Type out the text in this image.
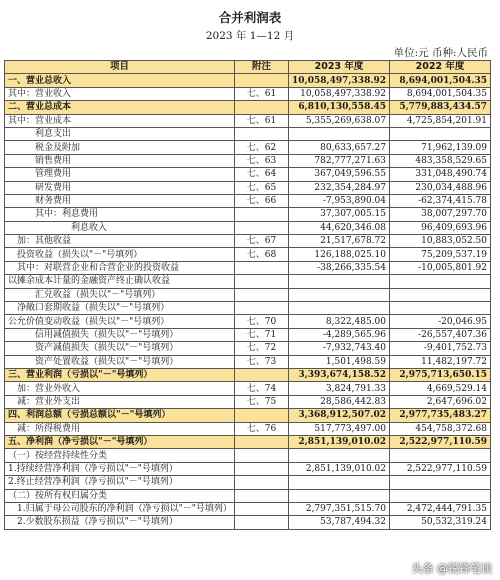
合并利润表
2023 年 1—12 月
单位:元 币种:人民币
项目	附注	2023 年度	2022 年度
一、营业总收入		10,058,497,338.92	8,694,001,504.35
其中：营业收入	七、61	10,058,497,338.92	8,694,001,504.35
二、营业总成本		6,810,130,558.45	5,779,883,434.57
其中：营业成本	七、61	5,355,269,638.07	4,725,854,201.91
利息支出			
税金及附加	七、62	80,633,657.27	71,962,139.09
销售费用	七、63	782,777,271.63	483,358,529.65
管理费用	七、64	367,049,596.55	331,048,490.74
研发费用	七、65	232,354,284.97	230,034,488.96
财务费用	七、66	-7,953,890.04	-62,374,415.78
其中：利息费用		37,307,005.15	38,007,297.70
利息收入		44,620,346.08	96,409,693.96
加：其他收益	七、67	21,517,678.72	10,883,052.50
投资收益（损失以"－"号填列）	七、68	126,188,025.10	75,209,537.19
其中：对联营企业和合营企业的投资收益		-38,266,335.54	-10,005,801.92
以摊余成本计量的金融资产终止确认收益			
汇兑收益（损失以"－"号填列）			
净敞口套期收益（损失以"－"号填列）			
公允价值变动收益（损失以"－"号填列）	七、70	8,322,485.00	-20,046.95
信用减值损失（损失以"－"号填列）	七、71	-4,289,565.96	-26,557,407.36
资产减值损失（损失以"－"号填列）	七、72	-7,932,743.40	-9,401,752.73
资产处置收益（损失以"－"号填列）	七、73	1,501,498.59	11,482,197.72
三、营业利润（亏损以"－"号填列）		3,393,674,158.52	2,975,713,650.15
加：营业外收入	七、74	3,824,791.33	4,669,529.14
减：营业外支出	七、75	28,586,442.83	2,647,696.02
四、利润总额（亏损总额以"－"号填列）		3,368,912,507.02	2,977,735,483.27
减：所得税费用	七、76	517,773,497.00	454,758,372.68
五、净利润（净亏损以"－"号填列）		2,851,139,010.02	2,522,977,110.59
（一）按经营持续性分类			
1.持续经营净利润（净亏损以"－"号填列）		2,851,139,010.02	2,522,977,110.59
2.终止经营净利润（净亏损以"－"号填列）			
（二）按所有权归属分类			
1.归属于母公司股东的净利润（净亏损以"－"号填列）		2,797,351,515.70	2,472,444,791.35
2.少数股东损益（净亏损以"－"号填列）		53,787,494.32	50,532,319.24
头条 @锐锋笔谈
